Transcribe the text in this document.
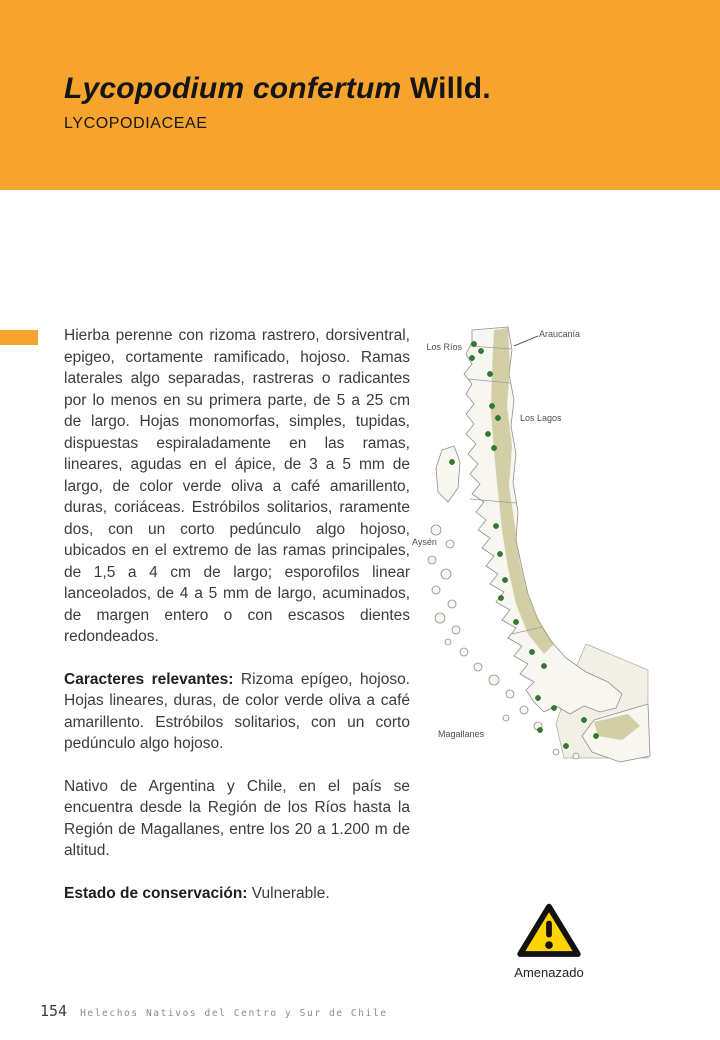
Lycopodium confertum Willd.
LYCOPODIACEAE

Hierba perenne con rizoma rastrero, dorsiventral, epigeo, cortamente ramificado, hojoso. Ramas laterales algo separadas, rastreras o radicantes por lo menos en su primera parte, de 5 a 25 cm de largo. Hojas monomorfas, simples, tupidas, dispuestas espiraladamente en las ramas, lineares, agudas en el ápice, de 3 a 5 mm de largo, de color verde oliva a café amarillento, duras, coriáceas. Estróbilos solitarios, raramente dos, con un corto pedúnculo algo hojoso, ubicados en el extremo de las ramas principales, de 1,5 a 4 cm de largo; esporofilos linear lanceolados, de 4 a 5 mm de largo, acuminados, de margen entero o con escasos dientes redondeados.

Caracteres relevantes: Rizoma epígeo, hojoso. Hojas lineares, duras, de color verde oliva a café amarillento. Estróbilos solitarios, con un corto pedúnculo algo hojoso.

Nativo de Argentina y Chile, en el país se encuentra desde la Región de los Ríos hasta la Región de Magallanes, entre los 20 a 1.200 m de altitud.

Estado de conservación: Vulnerable.

Araucanía
Los Ríos
Los Lagos
Aysén
Magallanes
Amenazado
154 Helechos Nativos del Centro y Sur de Chile
